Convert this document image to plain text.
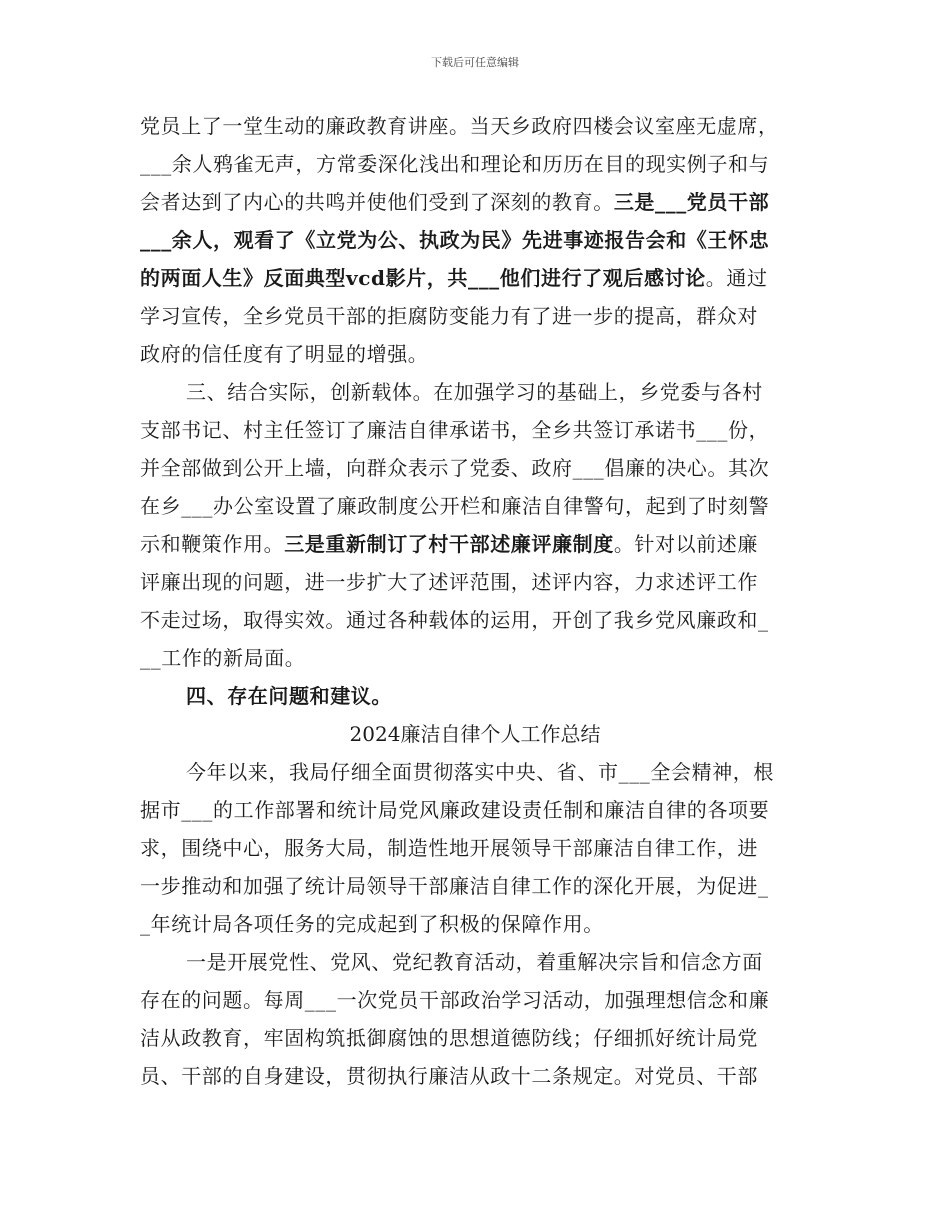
下载后可任意编辑
党员上了一堂生动的廉政教育讲座。当天乡政府四楼会议室座无虚席，
___余人鸦雀无声，方常委深化浅出和理论和历历在目的现实例子和与
会者达到了内心的共鸣并使他们受到了深刻的教育。三是___党员干部
___余人，观看了《立党为公、执政为民》先进事迹报告会和《王怀忠
的两面人生》反面典型vcd影片，共___他们进行了观后感讨论。通过
学习宣传，全乡党员干部的拒腐防变能力有了进一步的提高，群众对
政府的信任度有了明显的增强。
三、结合实际，创新载体。在加强学习的基础上，乡党委与各村
支部书记、村主任签订了廉洁自律承诺书，全乡共签订承诺书___份，
并全部做到公开上墙，向群众表示了党委、政府___倡廉的决心。其次
在乡___办公室设置了廉政制度公开栏和廉洁自律警句，起到了时刻警
示和鞭策作用。三是重新制订了村干部述廉评廉制度。针对以前述廉
评廉出现的问题，进一步扩大了述评范围，述评内容，力求述评工作
不走过场，取得实效。通过各种载体的运用，开创了我乡党风廉政和_
__工作的新局面。
四、存在问题和建议。
今年以来，我局仔细全面贯彻落实中央、省、市___全会精神，根
据市___的工作部署和统计局党风廉政建设责任制和廉洁自律的各项要
求，围绕中心，服务大局，制造性地开展领导干部廉洁自律工作，进
一步推动和加强了统计局领导干部廉洁自律工作的深化开展，为促进_
_年统计局各项任务的完成起到了积极的保障作用。
一是开展党性、党风、党纪教育活动，着重解决宗旨和信念方面
存在的问题。每周___一次党员干部政治学习活动，加强理想信念和廉
洁从政教育，牢固构筑抵御腐蚀的思想道德防线；仔细抓好统计局党
员、干部的自身建设，贯彻执行廉洁从政十二条规定。对党员、干部
2024廉洁自律个人工作总结
